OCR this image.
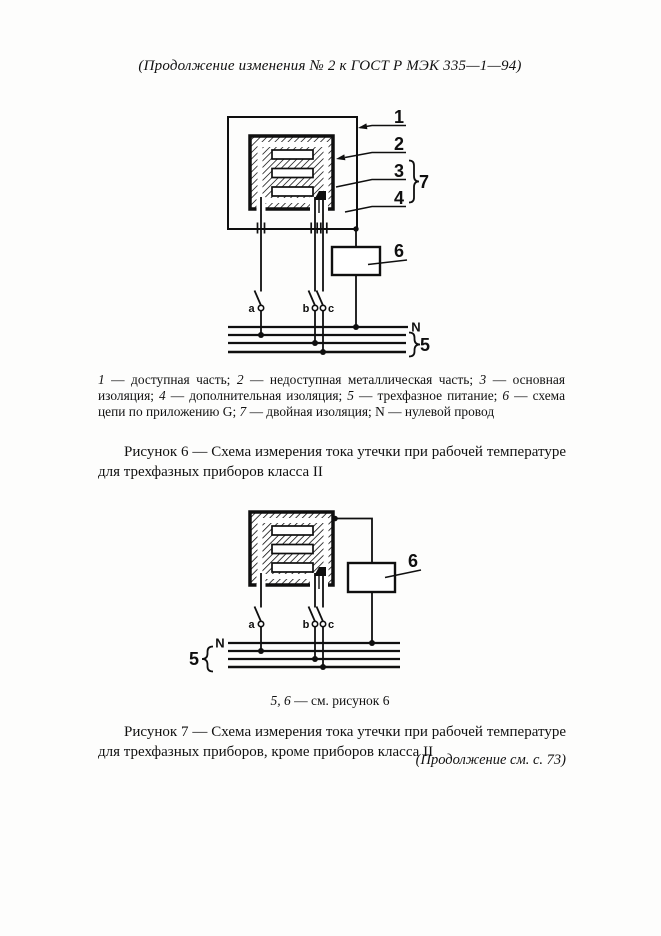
(Продолжение изменения № 2 к ГОСТ Р МЭК 335—1—94)
1
2
3
4
7
6
5
N
a	b c
6
5
N
a	b c

1 — доступная часть; 2 — недоступная металлическая часть; 3 — основная изоляция; 4 — дополнительная изоляция; 5 — трехфазное питание; 6 — схема цепи по приложению G; 7 — двойная изоляция; N — нулевой провод

Рисунок 6 — Схема измерения тока утечки при рабочей температуре для трехфазных приборов класса II

5, 6 — см. рисунок 6

Рисунок 7 — Схема измерения тока утечки при рабочей температуре для трехфазных приборов, кроме приборов класса II

(Продолжение см. с. 73)
